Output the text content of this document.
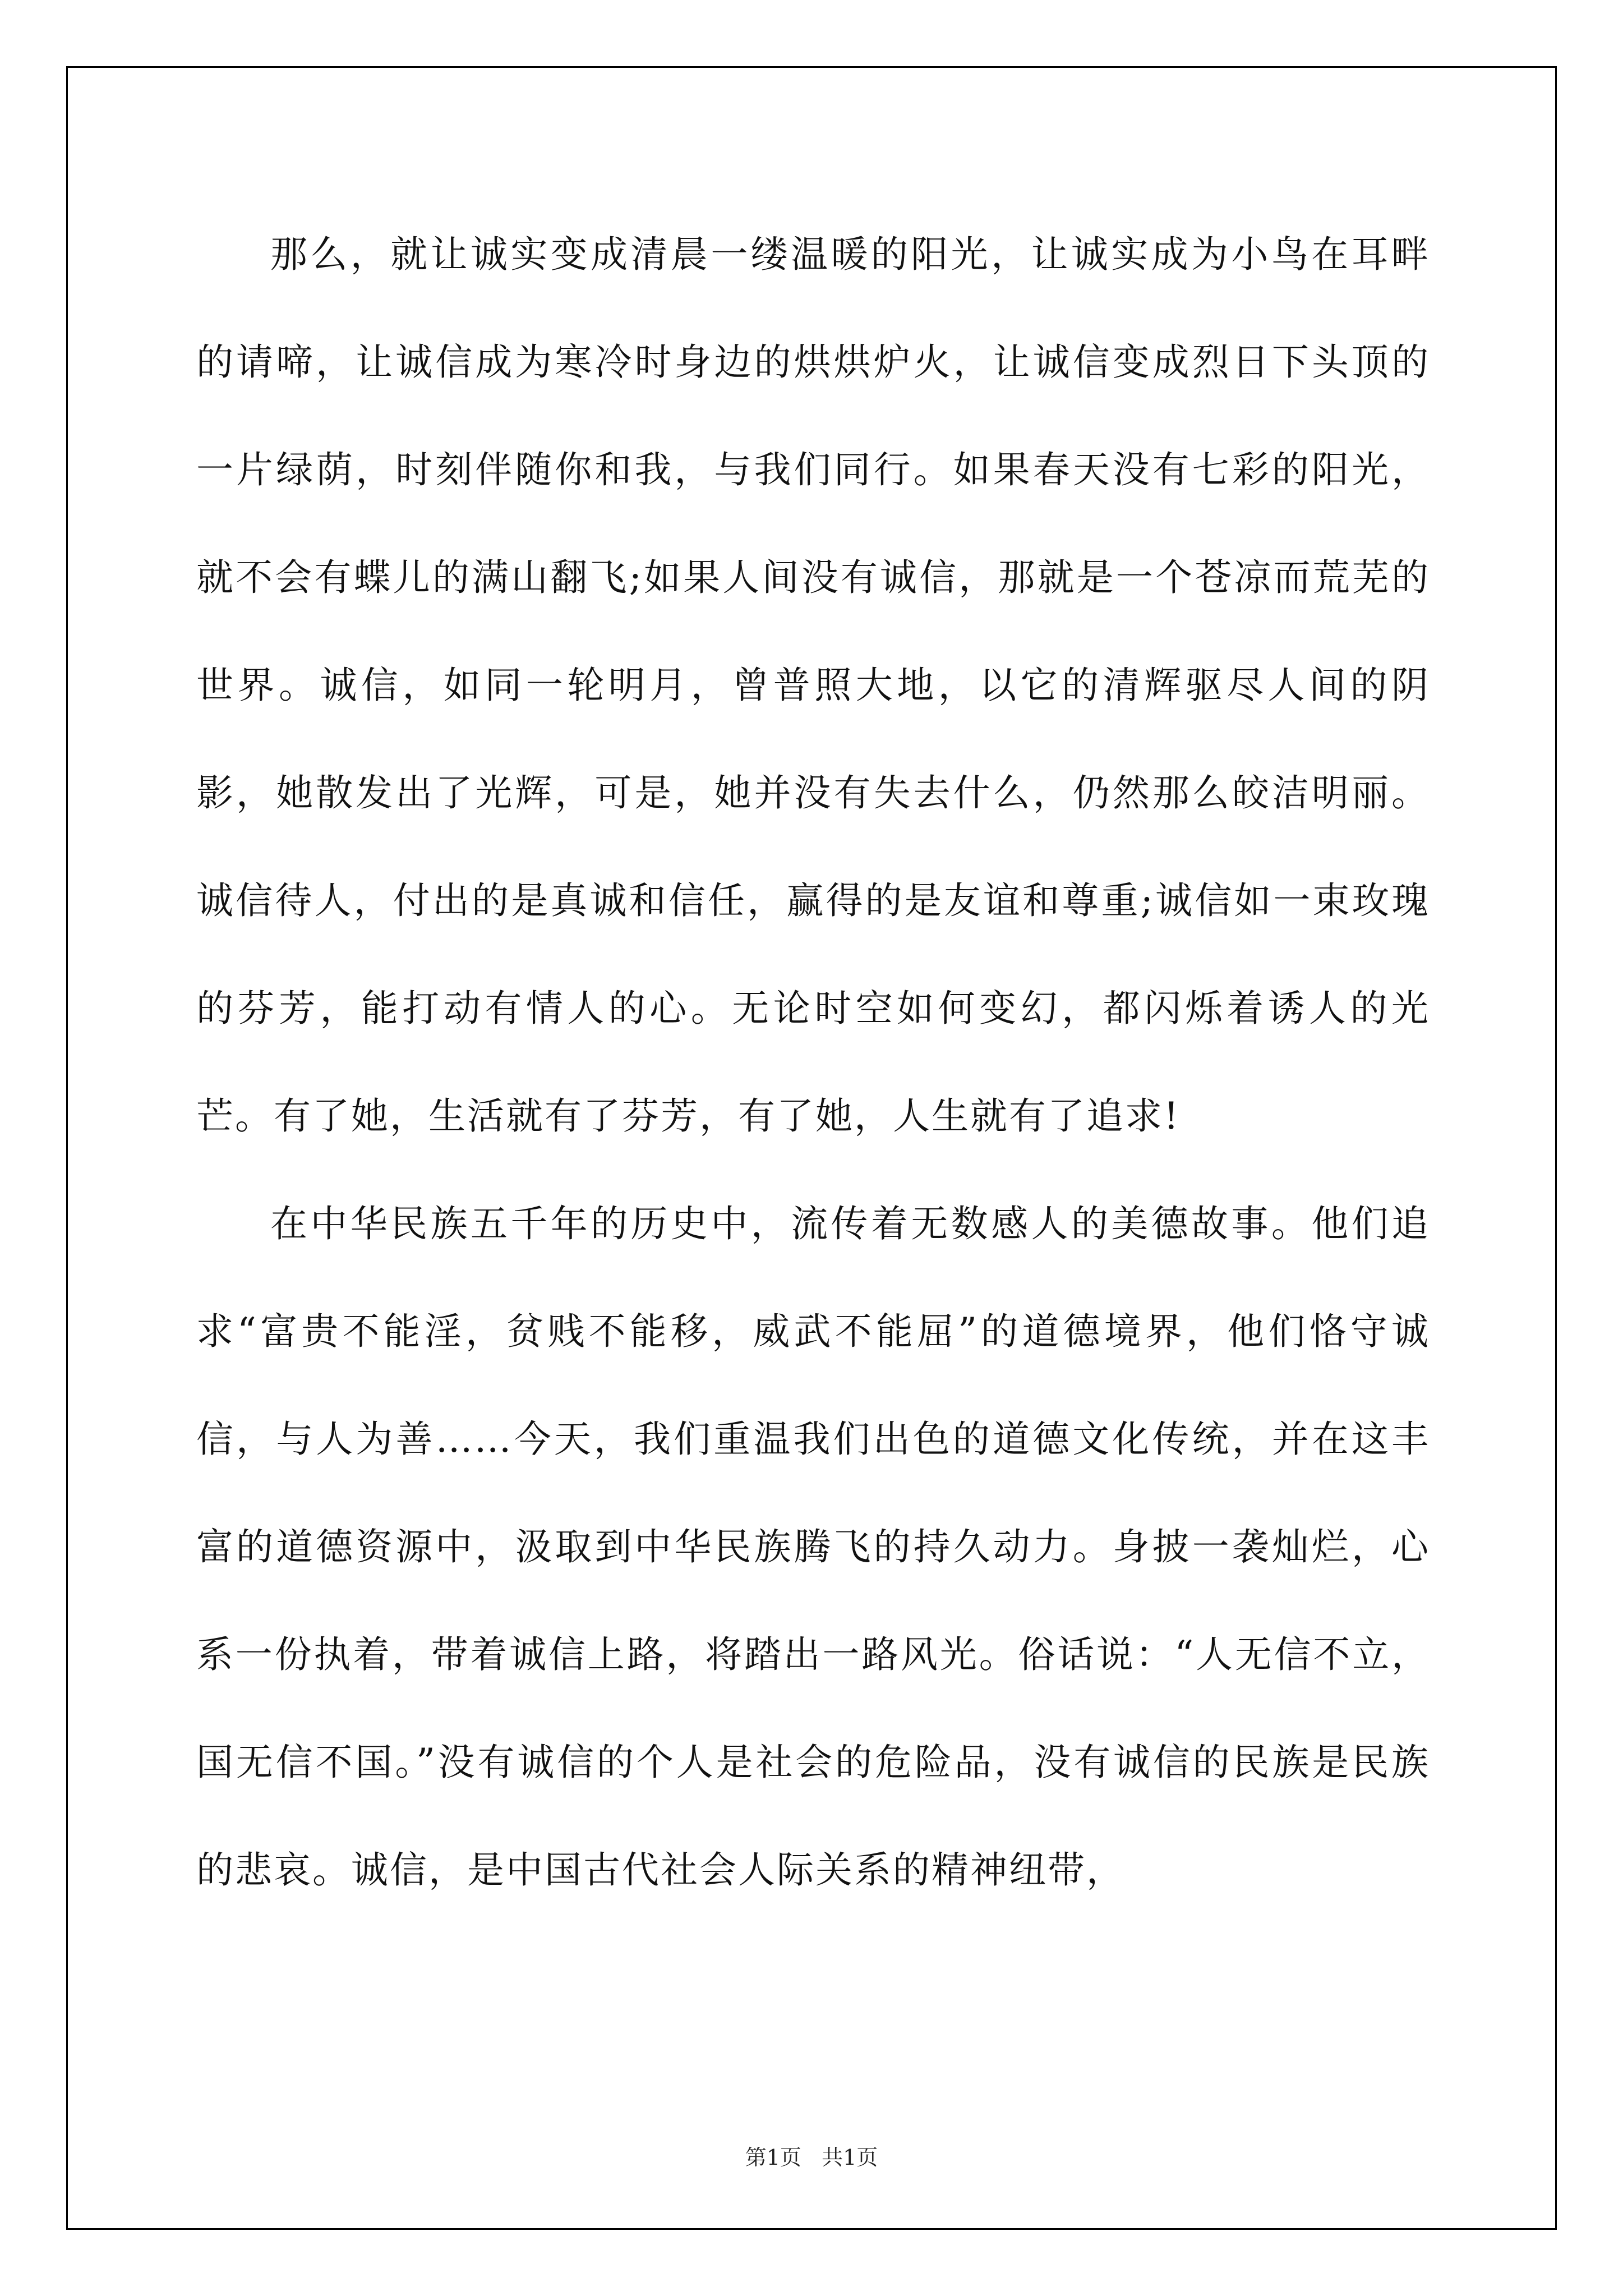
那么，就让诚实变成清晨一缕温暖的阳光，让诚实成为小鸟在耳畔的请啼，让诚信成为寒冷时身边的烘烘炉火，让诚信变成烈日下头顶的一片绿荫，时刻伴随你和我，与我们同行。如果春天没有七彩的阳光，就不会有蝶儿的满山翻飞;如果人间没有诚信，那就是一个苍凉而荒芜的世界。诚信，如同一轮明月，曾普照大地，以它的清辉驱尽人间的阴影，她散发出了光辉，可是，她并没有失去什么，仍然那么皎洁明丽。诚信待人，付出的是真诚和信任，赢得的是友谊和尊重;诚信如一束玫瑰的芬芳，能打动有情人的心。无论时空如何变幻，都闪烁着诱人的光芒。有了她，生活就有了芬芳，有了她，人生就有了追求!

在中华民族五千年的历史中，流传着无数感人的美德故事。他们追求“富贵不能淫，贫贱不能移，威武不能屈”的道德境界，他们恪守诚信，与人为善……今天，我们重温我们出色的道德文化传统，并在这丰富的道德资源中，汲取到中华民族腾飞的持久动力。身披一袭灿烂，心系一份执着，带着诚信上路，将踏出一路风光。俗话说：“人无信不立，国无信不国。”没有诚信的个人是社会的危险品，没有诚信的民族是民族的悲哀。诚信，是中国古代社会人际关系的精神纽带，

第1页   共1页
